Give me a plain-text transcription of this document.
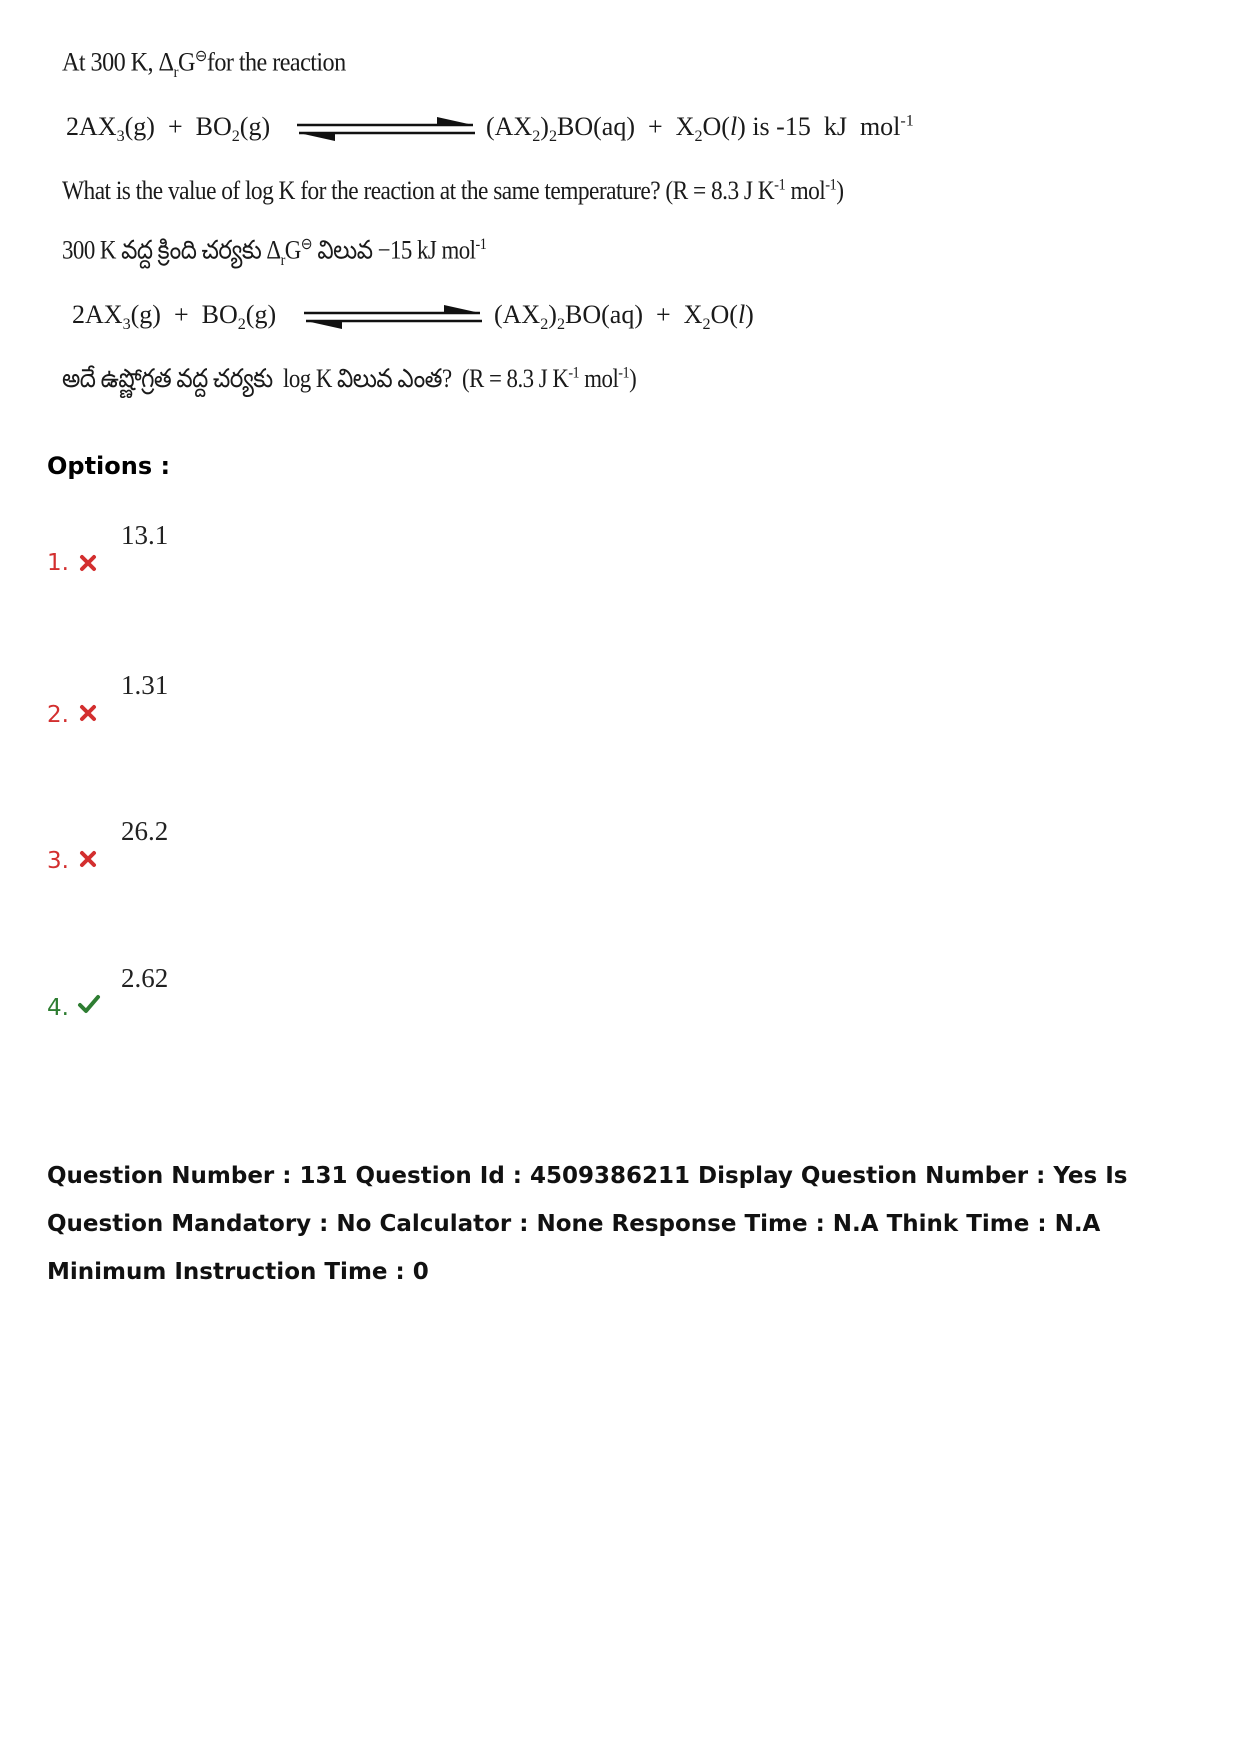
At 300 K, $\Delta_rG^⊖for$ the reaction
$2AX_3(g) + BO_2(g)$	$(AX_2)_2BO(aq) + X_2O(l)$ is -15  kJ  mol$^{-1}$
What is the value of log K for the reaction at the same temperature? (R = 8.3 J $K^{-1}$ mol$^{-1}$)
300 K వద్ద క్రింది చర్యకు $\Delta_rG^⊖$ విలువ −15 kJ mol$^{-1}$
$2AX_3(g) + BO_2(g)$	$(AX_2)_2BO(aq) + X_2O(l)$
అదే ఉష్ణోగ్రత వద్ద చర్యకు  log K విలువ ఎంత?  (R = 8.3 J $K^{-1}$ mol$^{-1}$)
Options :
1.
13.1
2.
1.31
3.
26.2
4.
2.62
Question Number : 131 Question Id : 4509386211 Display Question Number : Yes Is Question Mandatory : No Calculator : None Response Time : N.A Think Time : N.A Minimum Instruction Time : 0
